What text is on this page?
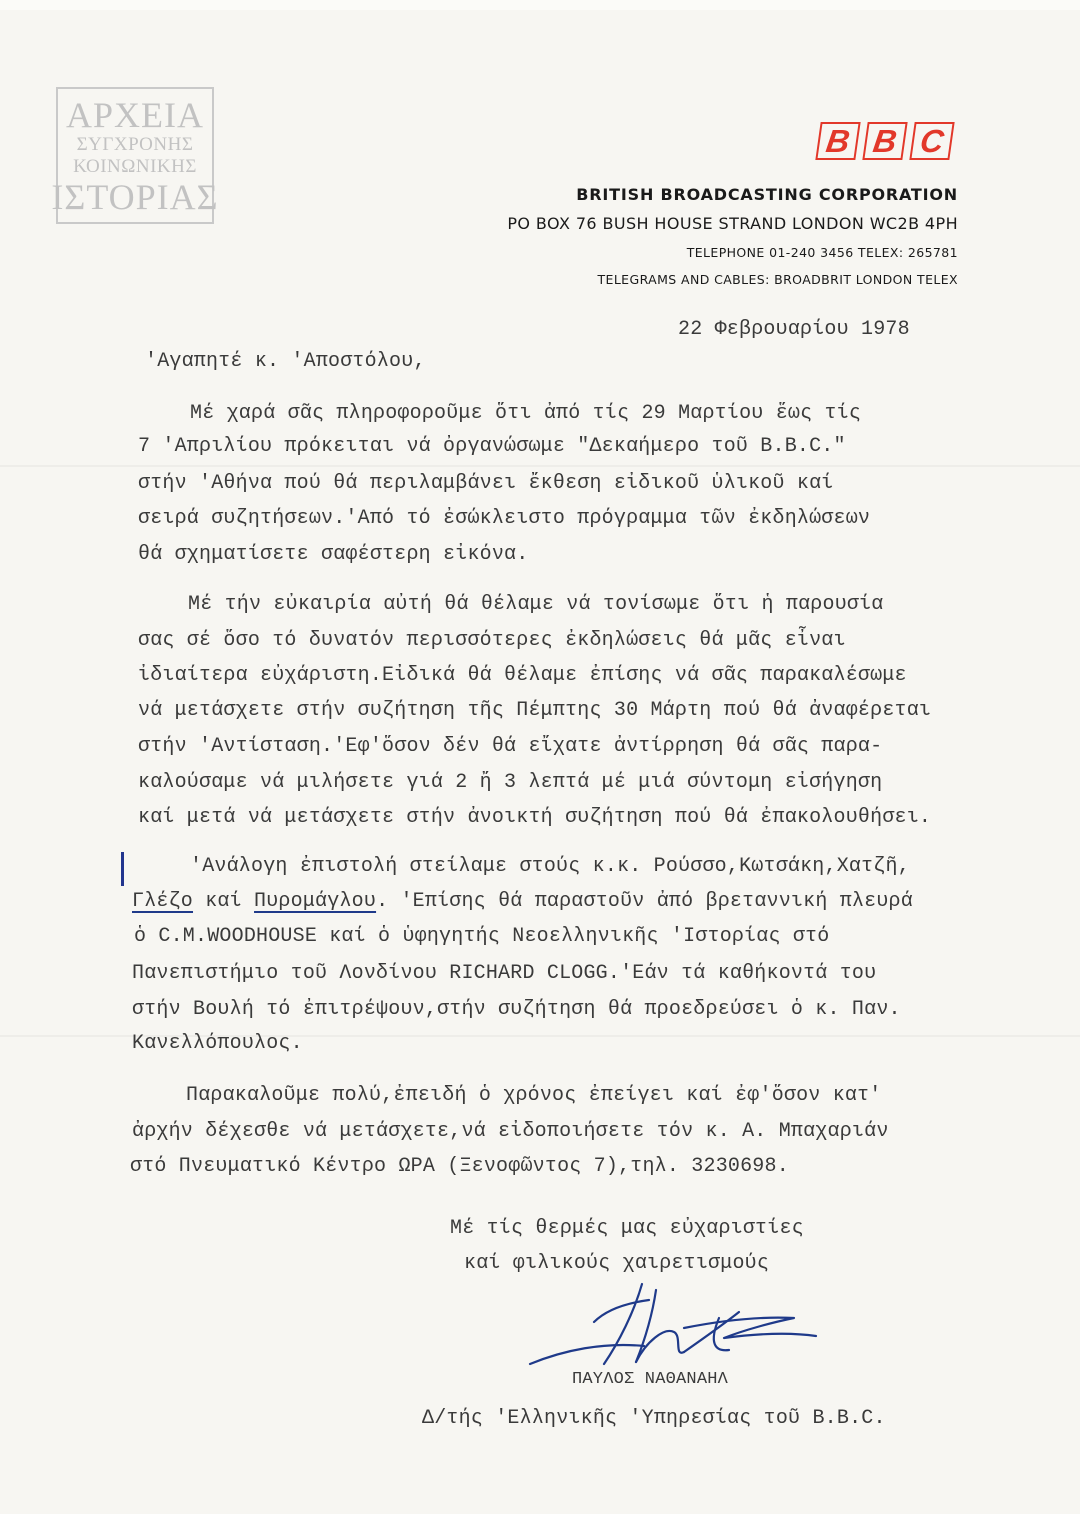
ΑΡΧΕΙΑ
ΣΥΓΧΡΟΝΗΣ
ΚΟΙΝΩΝΙΚΗΣ
ΙΣΤΟΡΙΑΣ
B B C
BRITISH BROADCASTING CORPORATION
PO BOX 76 BUSH HOUSE STRAND LONDON WC2B 4PH
TELEPHONE 01-240 3456 TELEX: 265781
TELEGRAMS AND CABLES: BROADBRIT LONDON TELEX
22 Φεβρουαρίου 1978
'Αγαπητέ κ. 'Αποστόλου,
Μέ χαρά σᾶς πληροφοροῦμε ὅτι ἀπό τίς 29 Μαρτίου ἕως τίς
7 'Απριλίου πρόκειται νά ὀργανώσωμε "Δεκαήμερο τοῦ Β.Β.C."
στήν 'Αθήνα πού θά περιλαμβάνει ἔκθεση εἰδικοῦ ὑλικοῦ καί
σειρά συζητήσεων.'Από τό ἐσώκλειστο πρόγραμμα τῶν ἐκδηλώσεων
θά σχηματίσετε σαφέστερη εἰκόνα.
Μέ τήν εὐκαιρία αὐτή θά θέλαμε νά τονίσωμε ὅτι ἡ παρουσία
σας σέ ὅσο τό δυνατόν περισσότερες ἐκδηλώσεις θά μᾶς εἶναι
ἰδιαίτερα εὐχάριστη.Εἰδικά θά θέλαμε ἐπίσης νά σᾶς παρακαλέσωμε
νά μετάσχετε στήν συζήτηση τῆς Πέμπτης 30 Μάρτη πού θά ἀναφέρεται
στήν 'Αντίσταση.'Εφ'ὅσον δέν θά εἴχατε ἀντίρρηση θά σᾶς παρα-
καλούσαμε νά μιλήσετε γιά 2 ἤ 3 λεπτά μέ μιά σύντομη εἰσήγηση
καί μετά νά μετάσχετε στήν ἀνοικτή συζήτηση πού θά ἐπακολουθήσει.
'Ανάλογη ἐπιστολή στείλαμε στούς κ.κ. Ρούσσο,Κωτσάκη,Χατζῆ,
Γλέζο καί Πυρομάγλου. 'Επίσης θά παραστοῦν ἀπό βρεταννική πλευρά
ὁ C.M.WOODHOUSE καί ὁ ὑφηγητής Νεοελληνικῆς 'Ιστορίας στό
Πανεπιστήμιο τοῦ Λονδίνου RICHARD CLOGG.'Εάν τά καθήκοντά του
στήν Βουλή τό ἐπιτρέψουν,στήν συζήτηση θά προεδρεύσει ὁ κ. Παν.
Κανελλόπουλος.
Παρακαλοῦμε πολύ,ἐπειδή ὁ χρόνος ἐπείγει καί ἐφ'ὅσον κατ'
ἀρχήν δέχεσθε νά μετάσχετε,νά εἰδοποιήσετε τόν κ. Α. Μπαχαριάν
στό Πνευματικό Κέντρο ΩΡΑ (Ξενοφῶντος 7),τηλ. 3230698.
Μέ τίς θερμές μας εὐχαριστίες
καί φιλικούς χαιρετισμούς
ΠΑΥΛΟΣ ΝΑΘΑΝΑΗΛ
Δ/τής 'Ελληνικῆς 'Υπηρεσίας τοῦ Β.Β.C.
